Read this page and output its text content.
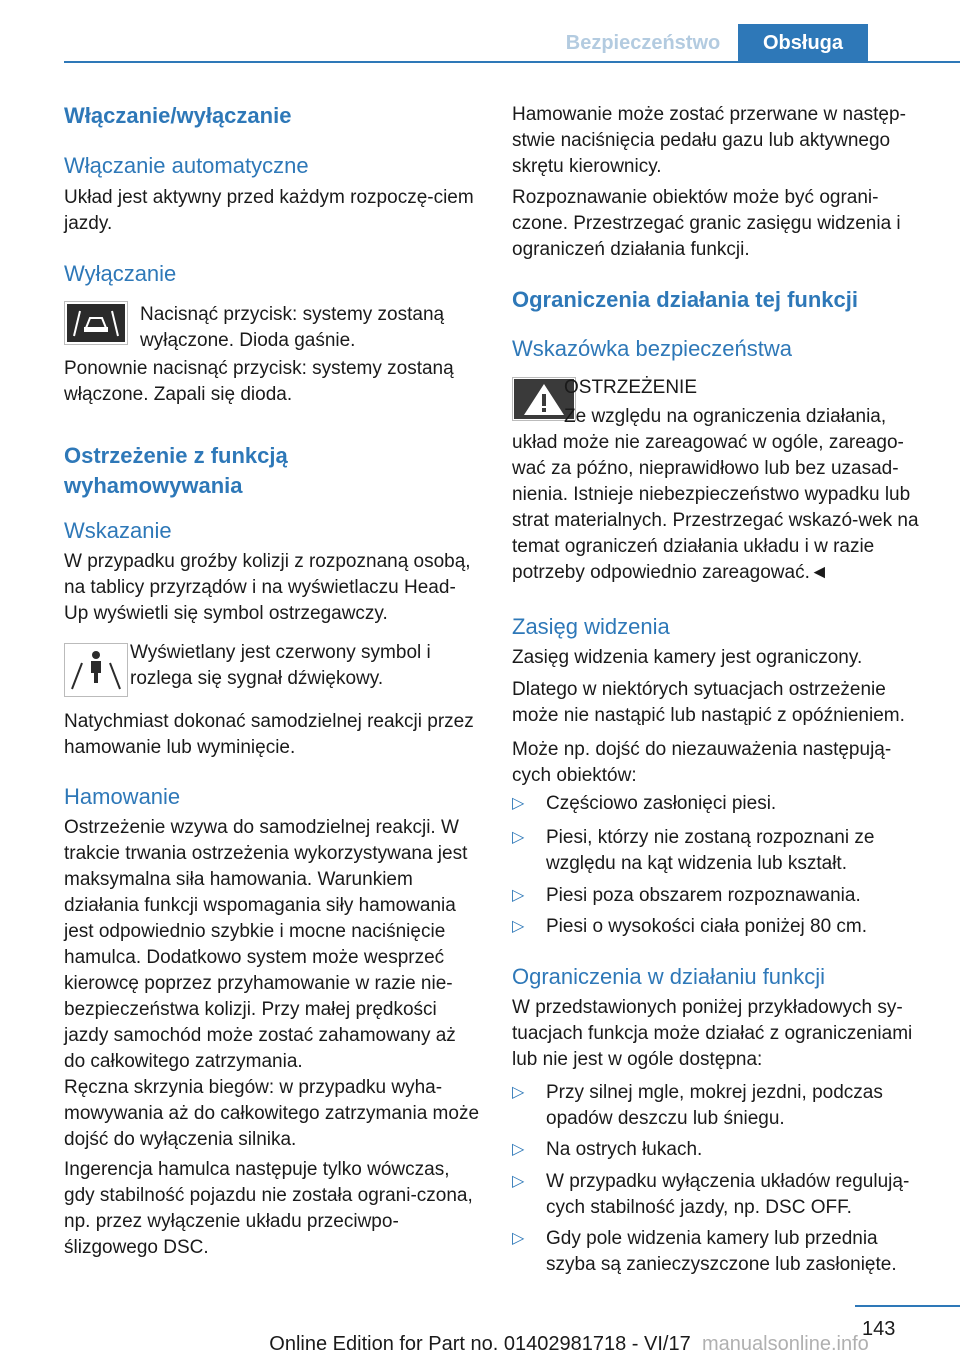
Bezpieczeństwo	Obsługa
Włączanie/wyłączanie
Włączanie automatyczne
Układ jest aktywny przed każdym rozpoczę-ciem jazdy.
Wyłączanie
Nacisnąć przycisk: systemy zostaną wyłączone. Dioda gaśnie.
Ponownie nacisnąć przycisk: systemy zostaną włączone. Zapali się dioda.
Ostrzeżenie z funkcją wyhamowywania
Wskazanie
W przypadku groźby kolizji z rozpoznaną osobą, na tablicy przyrządów i na wyświetlaczu Head-Up wyświetli się symbol ostrzegawczy.
Wyświetlany jest czerwony symbol i rozlega się sygnał dźwiękowy.
Natychmiast dokonać samodzielnej reakcji przez hamowanie lub wyminięcie.
Hamowanie
Ostrzeżenie wzywa do samodzielnej reakcji. W trakcie trwania ostrzeżenia wykorzystywana jest maksymalna siła hamowania. Warunkiem działania funkcji wspomagania siły hamowania jest odpowiednio szybkie i mocne naciśnięcie hamulca. Dodatkowo system może wesprzeć kierowcę poprzez przyhamowanie w razie nie-bezpieczeństwa kolizji. Przy małej prędkości jazdy samochód może zostać zahamowany aż do całkowitego zatrzymania.
Ręczna skrzynia biegów: w przypadku wyha-mowywania aż do całkowitego zatrzymania może dojść do wyłączenia silnika.
Ingerencja hamulca następuje tylko wówczas, gdy stabilność pojazdu nie została ograni-czona, np. przez wyłączenie układu przeciwpo-ślizgowego DSC.
Hamowanie może zostać przerwane w następ-stwie naciśnięcia pedału gazu lub aktywnego skrętu kierownicy.
Rozpoznawanie obiektów może być ograni-czone. Przestrzegać granic zasięgu widzenia i ograniczeń działania funkcji.
Ograniczenia działania tej funkcji
Wskazówka bezpieczeństwa
OSTRZEŻENIE
Ze względu na ograniczenia działania, układ może nie zareagować w ogóle, zareago-wać za późno, nieprawidłowo lub bez uzasad-nienia. Istnieje niebezpieczeństwo wypadku lub strat materialnych. Przestrzegać wskazó-wek na temat ograniczeń działania układu i w razie potrzeby odpowiednio zareagować.◄
Zasięg widzenia
Zasięg widzenia kamery jest ograniczony.
Dlatego w niektórych sytuacjach ostrzeżenie może nie nastąpić lub nastąpić z opóźnieniem.
Może np. dojść do niezauważenia następują-cych obiektów:
▷ Częściowo zasłonięci piesi.
▷ Piesi, którzy nie zostaną rozpoznani ze względu na kąt widzenia lub kształt.
▷ Piesi poza obszarem rozpoznawania.
▷ Piesi o wysokości ciała poniżej 80 cm.
Ograniczenia w działaniu funkcji
W przedstawionych poniżej przykładowych sy-tuacjach funkcja może działać z ograniczeniami lub nie jest w ogóle dostępna:
▷ Przy silnej mgle, mokrej jezdni, podczas opadów deszczu lub śniegu.
▷ Na ostrych łukach.
▷ W przypadku wyłączenia układów regulują-cych stabilność jazdy, np. DSC OFF.
▷ Gdy pole widzenia kamery lub przednia szyba są zanieczyszczone lub zasłonięte.
143
Online Edition for Part no. 01402981718 - VI/17 manualsonline.info
